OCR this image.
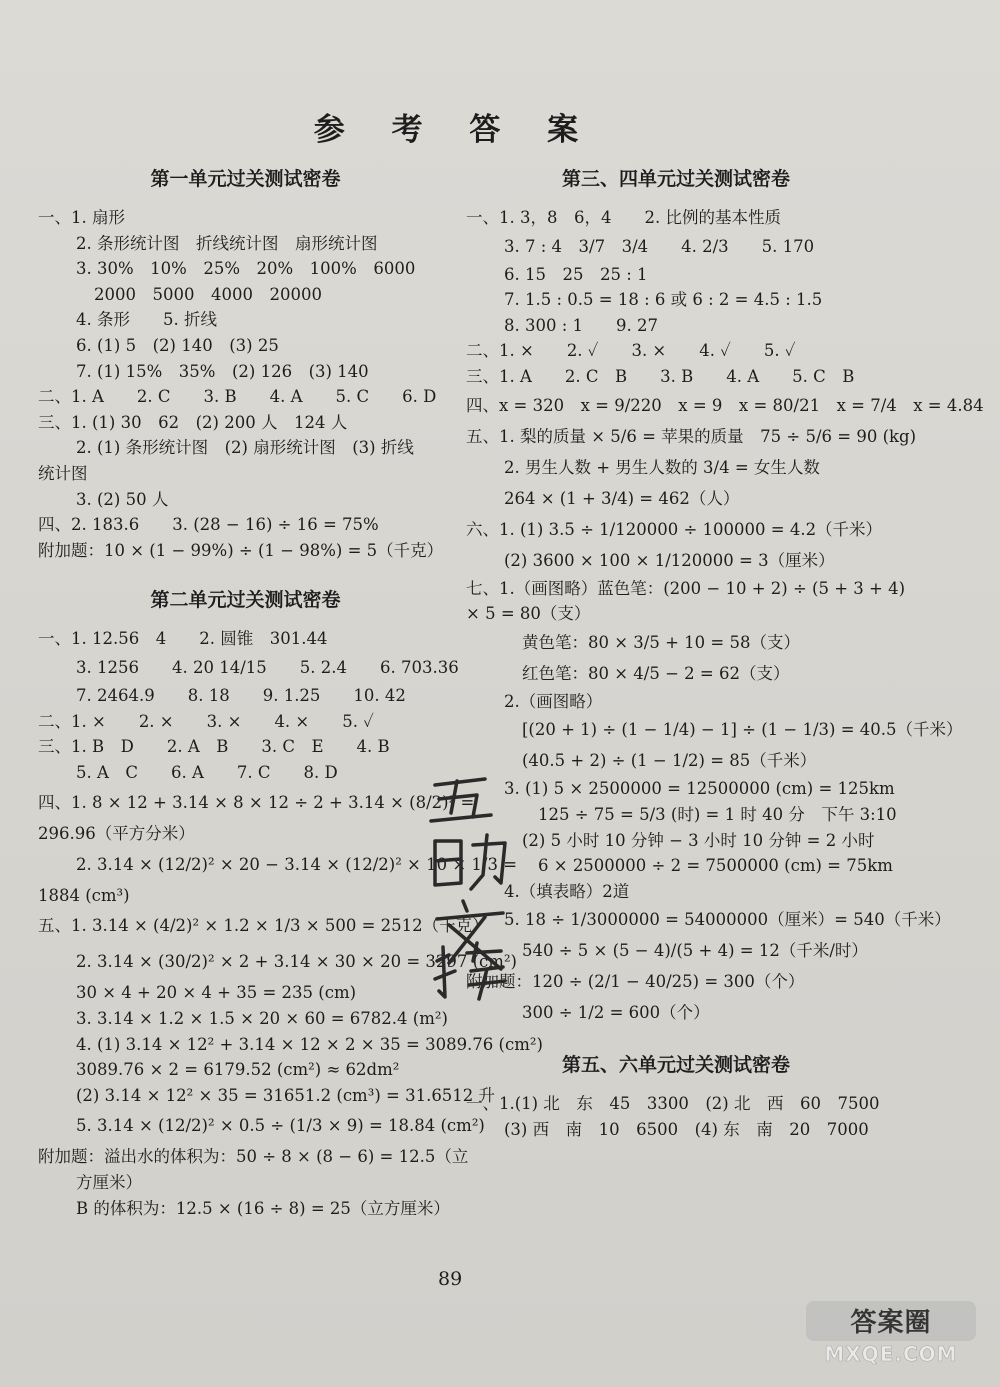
参 考 答 案
第一单元过关测试密卷
一、1. 扇形
2. 条形统计图　折线统计图　扇形统计图
3. 30%　10%　25%　20%　100%　6000
2000　5000　4000　20000
4. 条形　　5. 折线
6. (1) 5　(2) 140　(3) 25
7. (1) 15%　35%　(2) 126　(3) 140
二、1. A　　2. C　　3. B　　4. A　　5. C　　6. D
三、1. (1) 30　62　(2) 200 人　124 人
2. (1) 条形统计图　(2) 扇形统计图　(3) 折线
统计图
3. (2) 50 人
四、2. 183.6　　3. (28 − 16) ÷ 16 = 75%
附加题：10 × (1 − 99%) ÷ (1 − 98%) = 5（千克）
第二单元过关测试密卷
一、1. 12.56　4　　2. 圆锥　301.44
3. 1256　　4. 20 14/15　　5. 2.4　　6. 703.36
7. 2464.9　　8. 18　　9. 1.25　　10. 42
二、1. ×　　2. ×　　3. ×　　4. ×　　5. ✓
三、1. B　D　　2. A　B　　3. C　E　　4. B
5. A　C　　6. A　　7. C　　8. D
四、1. 8 × 12 + 3.14 × 8 × 12 ÷ 2 + 3.14 × (8/2)² =
296.96（平方分米）
2. 3.14 × (12/2)² × 20 − 3.14 × (12/2)² × 10 × 1/3 =
1884 (cm³)
五、1. 3.14 × (4/2)² × 1.2 × 1/3 × 500 = 2512（千克）
2. 3.14 × (30/2)² × 2 + 3.14 × 30 × 20 = 3297 (cm²)
30 × 4 + 20 × 4 + 35 = 235 (cm)
3. 3.14 × 1.2 × 1.5 × 20 × 60 = 6782.4 (m²)
4. (1) 3.14 × 12² + 3.14 × 12 × 2 × 35 = 3089.76 (cm²)
3089.76 × 2 = 6179.52 (cm²) ≈ 62dm²
(2) 3.14 × 12² × 35 = 31651.2 (cm³) = 31.6512 升
5. 3.14 × (12/2)² × 0.5 ÷ (1/3 × 9) = 18.84 (cm²)
附加题：溢出水的体积为：50 ÷ 8 × (8 − 6) = 12.5（立
方厘米）
B 的体积为：12.5 × (16 ÷ 8) = 25（立方厘米）
第三、四单元过关测试密卷
一、1. 3，8　6，4　　2. 比例的基本性质
3. 7 : 4　3/7　3/4　　4. 2/3　　5. 170
6. 15　25　25 : 1
7. 1.5 : 0.5 = 18 : 6 或 6 : 2 = 4.5 : 1.5
8. 300 : 1　　9. 27
二、1. ×　　2. ✓　　3. ×　　4. ✓　　5. ✓
三、1. A　　2. C　B　　3. B　　4. A　　5. C　B
四、x = 320　x = 9/220　x = 9　x = 80/21　x = 7/4　x = 4.84
五、1. 梨的质量 × 5/6 = 苹果的质量　75 ÷ 5/6 = 90 (kg)
2. 男生人数 + 男生人数的 3/4 = 女生人数
264 × (1 + 3/4) = 462（人）
六、1. (1) 3.5 ÷ 1/120000 ÷ 100000 = 4.2（千米）
(2) 3600 × 100 × 1/120000 = 3（厘米）
七、1.（画图略）蓝色笔：(200 − 10 + 2) ÷ (5 + 3 + 4)
× 5 = 80（支）
黄色笔：80 × 3/5 + 10 = 58（支）
红色笔：80 × 4/5 − 2 = 62（支）
2.（画图略）
[(20 + 1) ÷ (1 − 1/4) − 1] ÷ (1 − 1/3) = 40.5（千米）
(40.5 + 2) ÷ (1 − 1/2) = 85（千米）
3. (1) 5 × 2500000 = 12500000 (cm) = 125km
125 ÷ 75 = 5/3 (时) = 1 时 40 分　下午 3:10
(2) 5 小时 10 分钟 − 3 小时 10 分钟 = 2 小时
6 × 2500000 ÷ 2 = 7500000 (cm) = 75km
4.（填表略）2道
5. 18 ÷ 1/3000000 = 54000000（厘米）= 540（千米）
540 ÷ 5 × (5 − 4)/(5 + 4) = 12（千米/时）
附加题：120 ÷ (2/1 − 40/25) = 300（个）
300 ÷ 1/2 = 600（个）
第五、六单元过关测试密卷
一、1.(1) 北　东　45　3300　(2) 北　西　60　7500
(3) 西　南　10　6500　(4) 东　南　20　7000
89
答案圈
MXQE.COM
